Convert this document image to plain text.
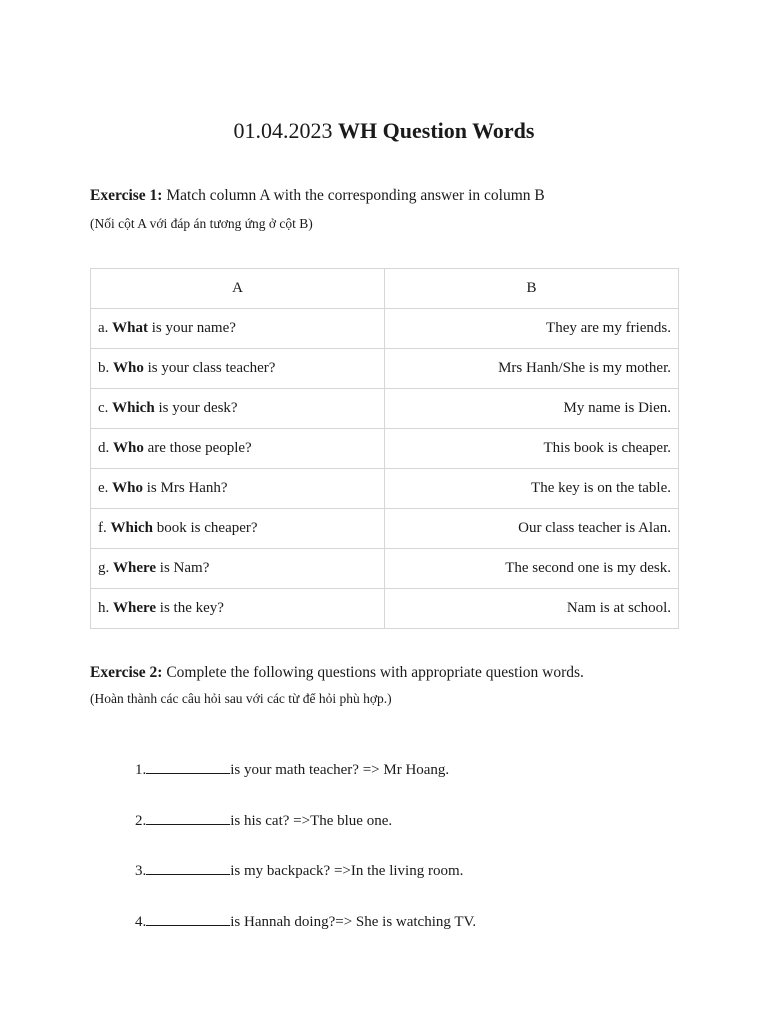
01.04.2023 WH Question Words
Exercise 1: Match column A with the corresponding answer in column B
(Nối cột A với đáp án tương ứng ở cột B)
A	B
a. What is your name?	They are my friends.
b. Who is your class teacher?	Mrs Hanh/She is my mother.
c. Which is your desk?	My name is Dien.
d. Who are those people?	This book is cheaper.
e. Who is Mrs Hanh?	The key is on the table.
f. Which book is cheaper?	Our class teacher is Alan.
g. Where is Nam?	The second one is my desk.
h. Where is the key?	Nam is at school.
Exercise 2: Complete the following questions with appropriate question words.
(Hoàn thành các câu hỏi sau với các từ để hỏi phù hợp.)
1.	is your math teacher? => Mr Hoang.
2.	is his cat? =>The blue one.
3.	is my backpack? =>In the living room.
4.	is Hannah doing?=> She is watching TV.
